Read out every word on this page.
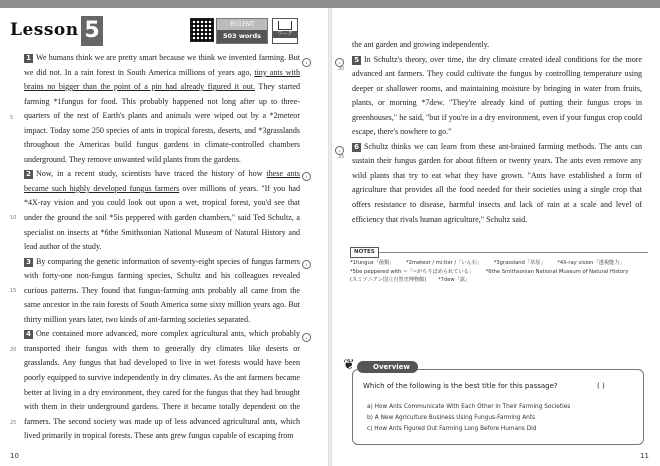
Lesson 5	独自ENT
503 words	ワーク
♪
♪
♪
♪
5
10
15
20
25

1 We humans think we are pretty smart because we think we invented farming. But we did not. In a rain forest in South America millions of years ago, tiny ants with brains no bigger than the point of a pin had already figured it out. They started farming *1fungus for food. This probably happened not long after up to three-quarters of the rest of Earth's plants and animals were wiped out by a *2meteor impact. Today some 250 species of ants in tropical forests, deserts, and *3grasslands throughout the Americas build fungus gardens in climate-controlled chambers underground. They remove unwanted wild plants from the gardens.

2 Now, in a recent study, scientists have traced the history of how these ants became such highly developed fungus farmers over millions of years. "If you had *4X-ray vision and you could look out upon a wet, tropical forest, you'd see that under the ground the soil *5is peppered with garden chambers," said Ted Schultz, a specialist on insects at *6the Smithsonian National Museum of Natural History and lead author of the study.

3 By comparing the genetic information of seventy-eight species of fungus farmers with forty-one non-fungus farming species, Schultz and his colleagues revealed curious patterns. They found that fungus-farming ants probably all came from the same ancestor in the rain forests of South America some sixty million years ago. But thirty million years later, two kinds of ant-farming societies separated.

4 One contained more advanced, more complex agricultural ants, which probably transported their fungus with them to generally dry climates like deserts or grasslands. Any fungus that had developed to live in wet forests would have been poorly equipped to survive independently in dry climates. As the ant farmers became better at living in a dry environment, they cared for the fungus that they had brought with them in their underground gardens. There it became totally dependent on the farmers. The second society was made up of less advanced agricultural ants, which lived primarily in tropical forests. These ants grew fungus capable of escaping from

10
30
35
♪
♪

the ant garden and growing independently.

5 In Schultz's theory, over time, the dry climate created ideal conditions for the more advanced ant farmers. They could cultivate the fungus by controlling temperature using deeper or shallower rooms, and maintaining moisture by bringing in water from fruits, plants, or morning *7dew. "They're already kind of putting their fungus crops in greenhouses," he said, "but if you're in a dry environment, even if your fungus crop could escape, there's nowhere to go."

6 Schultz thinks we can learn from these ant-brained farming methods. The ants can sustain their fungus garden for about fifteen or twenty years. The ants even remove any wild plants that try to eat what they have grown. "Ants have established a form of agriculture that provides all the food needed for their societies using a single crop that offers resistance to disease, harmful insects and lack of rain at a scale and level of efficiency that rivals human agriculture," Schultz said.

NOTES
*1fungus「菌類」 *2meteor / mi:tiər /「いん石」 *3grassland「草原」 *4X-ray vision「透視能力」
*5be peppered with ~「~がちりばめられている」 *6the Smithsonian National Museum of Natural History
(スミソニアン国立自然史博物館) *7dew「露」
❦	Overview
Which of the following is the best title for this passage?	( )
a) How Ants Communicate With Each Other in Their Farming Societies
b) A New Agriculture Business Using Fungus-Farming Ants
c) How Ants Figured Out Farming Long Before Humans Did
11
